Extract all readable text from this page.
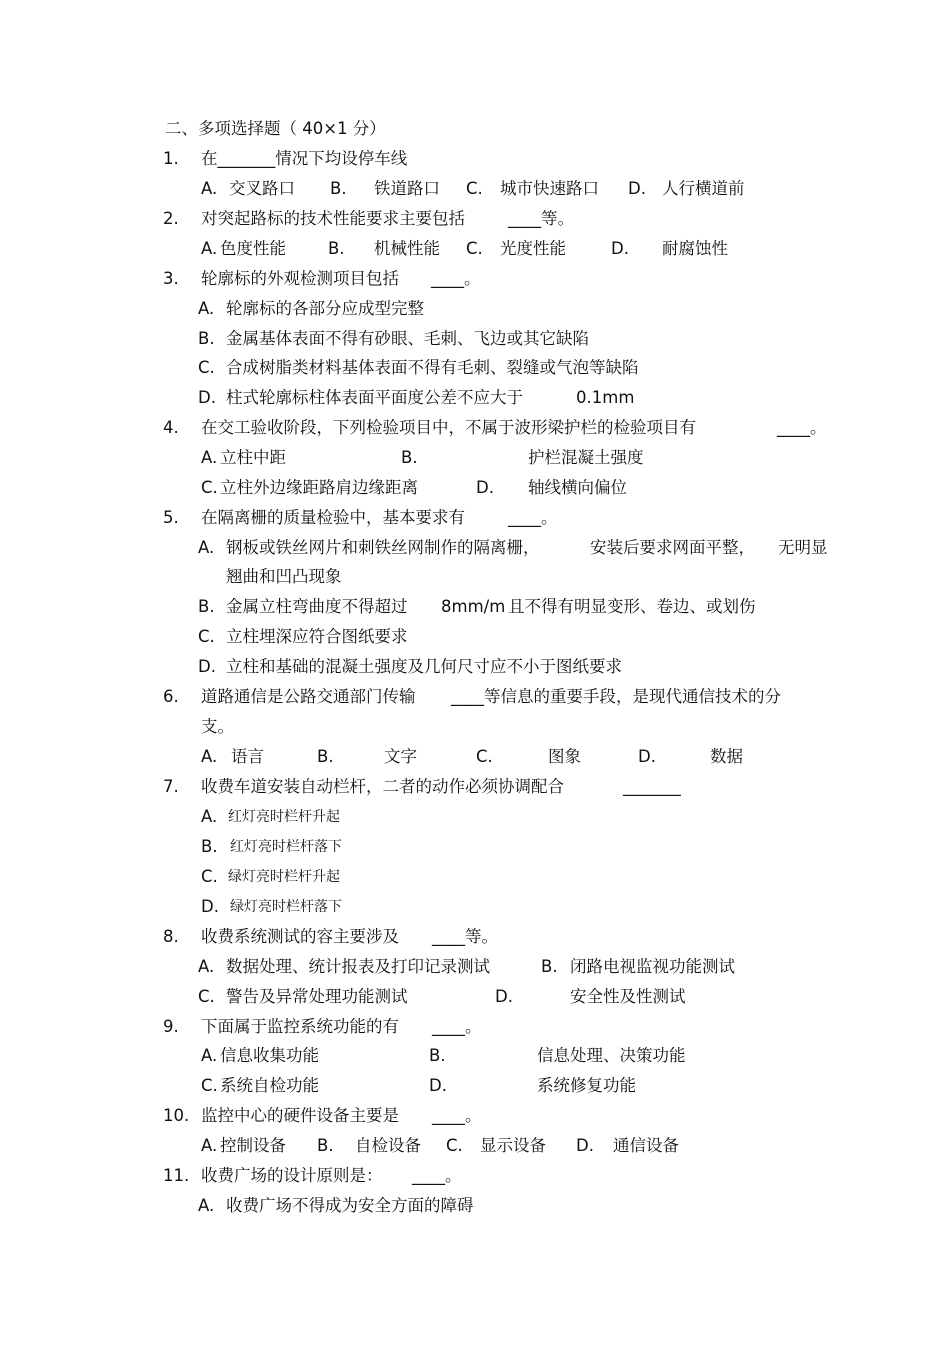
二、多项选择题（ 40×1 分）
1. 在_______情况下均设停车线
A. 交叉路口 B. 铁道路口 C. 城市快速路口 D. 人行横道前
2. 对突起路标的技术性能要求主要包括	____等。
A. 色度性能	B. 机械性能 C. 光度性能	D. 耐腐蚀性
3. 轮廓标的外观检测项目包括 ____。
A. 轮廓标的各部分应成型完整
B. 金属基体表面不得有砂眼、毛刺、飞边或其它缺陷
C. 合成树脂类材料基体表面不得有毛刺、裂缝或气泡等缺陷
D. 柱式轮廓标柱体表面平面度公差不应大于	0.1mm
4. 在交工验收阶段，下列检验项目中，不属于波形梁护栏的检验项目有	____。
A. 立柱中距	B.	护栏混凝土强度
C. 立柱外边缘距路肩边缘距离	D. 轴线横向偏位
5. 在隔离栅的质量检验中，基本要求有	____。
A. 钢板或铁丝网片和刺铁丝网制作的隔离栅，	安装后要求网面平整， 无明显
翘曲和凹凸现象
B. 金属立柱弯曲度不得超过 8mm/m 且不得有明显变形、卷边、或划伤
C. 立柱埋深应符合图纸要求
D. 立柱和基础的混凝土强度及几何尺寸应不小于图纸要求
6. 道路通信是公路交通部门传输 ____等信息的重要手段，是现代通信技术的分
支。
A. 语言	B.	文字	C.	图象	D.	数据
7. 收费车道安装自动栏杆，二者的动作必须协调配合	_______
A. 红灯亮时栏杆升起
B. 红灯亮时栏杆落下
C. 绿灯亮时栏杆升起
D. 绿灯亮时栏杆落下
8. 收费系统测试的容主要涉及 ____等。
A. 数据处理、统计报表及打印记录测试	B. 闭路电视监视功能测试
C. 警告及异常处理功能测试	D.	安全性及性测试
9. 下面属于监控系统功能的有 ____。
A. 信息收集功能	B.	信息处理、决策功能
C. 系统自检功能	D.	系统修复功能
10. 监控中心的硬件设备主要是 ____。
A. 控制设备 B. 自检设备 C. 显示设备 D. 通信设备
11. 收费广场的设计原则是： ____。
A. 收费广场不得成为安全方面的障碍
